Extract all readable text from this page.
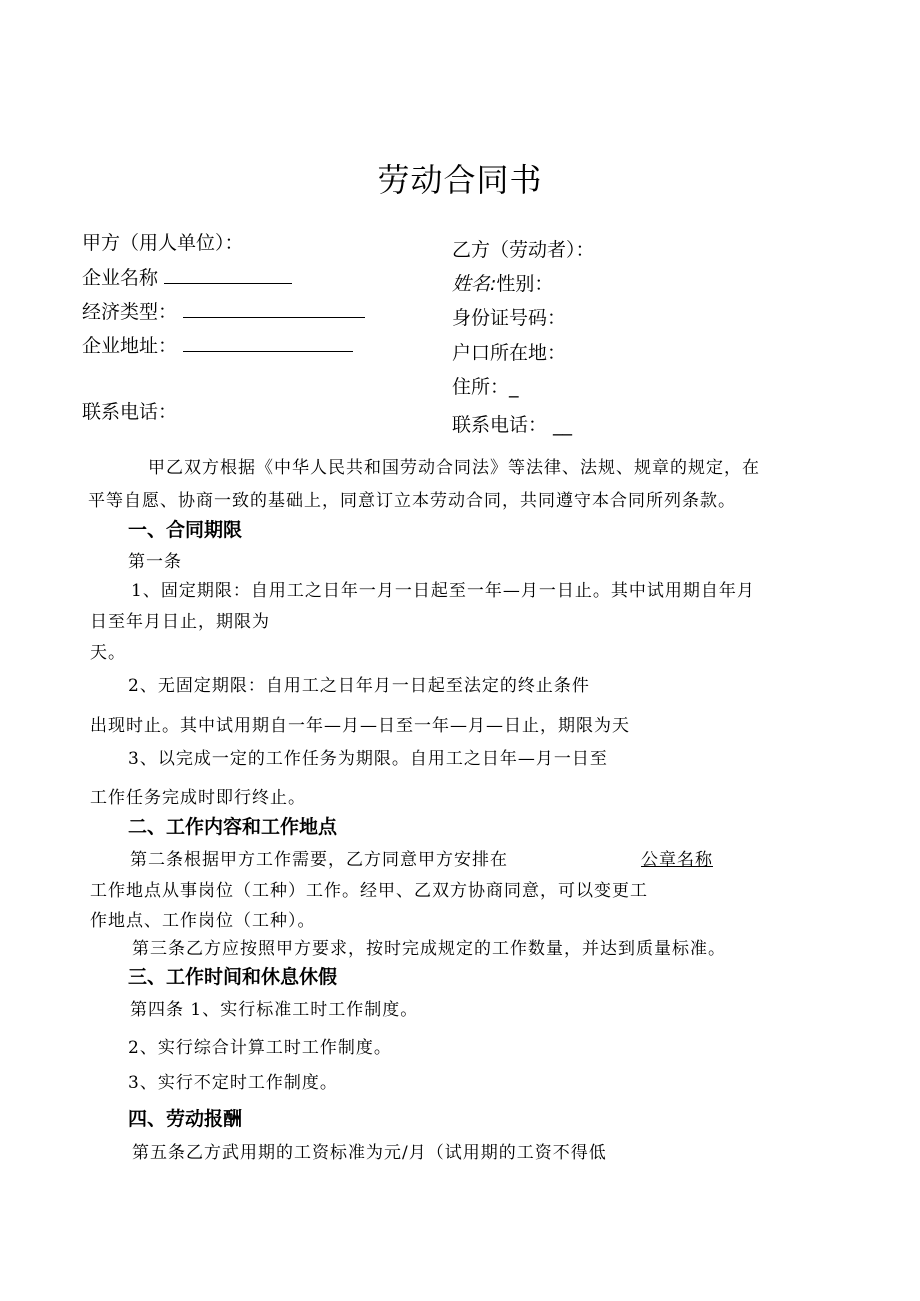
劳动合同书
甲方（用人单位）：
企业名称
经济类型：
企业地址：
联系电话：
乙方（劳动者）：
姓名:性别：
身份证号码：
户口所在地：
住所：_
联系电话： __
甲乙双方根据《中华人民共和国劳动合同法》等法律、法规、规章的规定，在
平等自愿、协商一致的基础上，同意订立本劳动合同，共同遵守本合同所列条款。
一、合同期限
第一条
1、固定期限：自用工之日年一月一日起至一年—月一日止。其中试用期自年月
日至年月日止，期限为
天。
2、无固定期限：自用工之日年月一日起至法定的终止条件
出现时止。其中试用期自一年—月—日至一年—月—日止，期限为天
3、以完成一定的工作任务为期限。自用工之日年—月一日至
工作任务完成时即行终止。
二、工作内容和工作地点
第二条根据甲方工作需要，乙方同意甲方安排在	公章名称
工作地点从事岗位（工种）工作。经甲、乙双方协商同意，可以变更工
作地点、工作岗位（工种）。
第三条乙方应按照甲方要求，按时完成规定的工作数量，并达到质量标准。
三、工作时间和休息休假
第四条 1、实行标准工时工作制度。
2、实行综合计算工时工作制度。
3、实行不定时工作制度。
四、劳动报酬
第五条乙方武用期的工资标准为元/月（试用期的工资不得低
